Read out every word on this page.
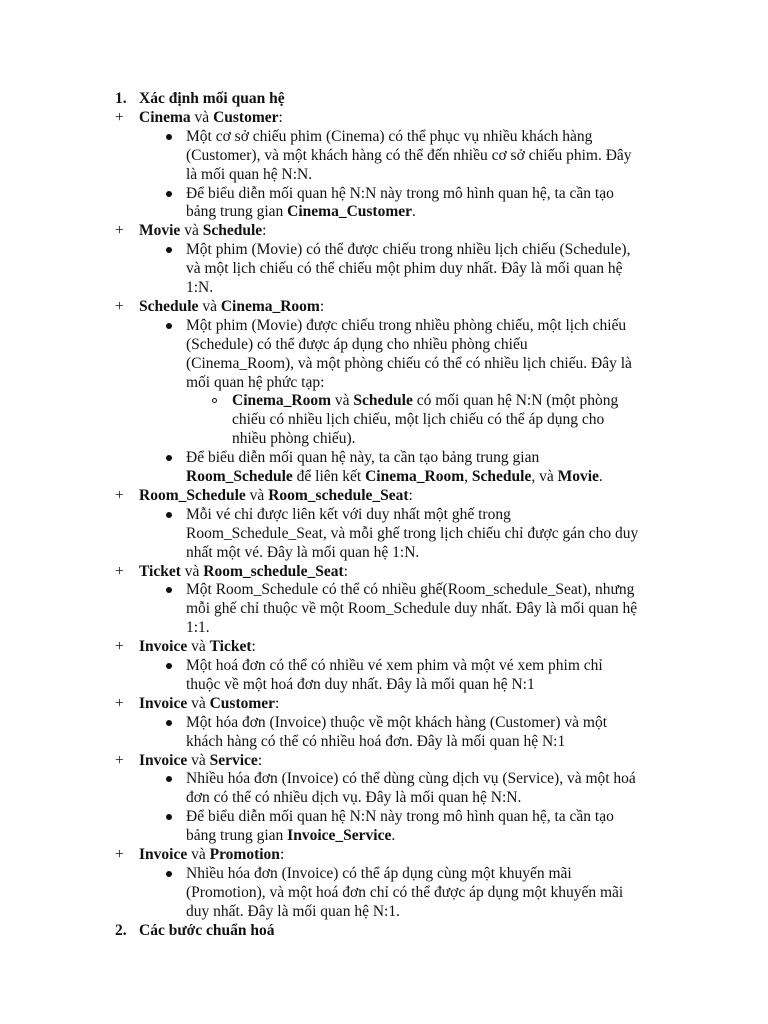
1. Xác định mối quan hệ
+ Cinema và Customer:
Một cơ sở chiếu phim (Cinema) có thể phục vụ nhiều khách hàng
(Customer), và một khách hàng có thể đến nhiều cơ sở chiếu phim. Đây
là mối quan hệ N:N.
Để biểu diễn mối quan hệ N:N này trong mô hình quan hệ, ta cần tạo
bảng trung gian Cinema_Customer.
+ Movie và Schedule:
Một phim (Movie) có thể được chiếu trong nhiều lịch chiếu (Schedule),
và một lịch chiếu có thể chiếu một phim duy nhất. Đây là mối quan hệ
1:N.
+ Schedule và Cinema_Room:
Một phim (Movie) được chiếu trong nhiều phòng chiếu, một lịch chiếu
(Schedule) có thể được áp dụng cho nhiều phòng chiếu
(Cinema_Room), và một phòng chiếu có thể có nhiều lịch chiếu. Đây là
mối quan hệ phức tạp:
Cinema_Room và Schedule có mối quan hệ N:N (một phòng
chiếu có nhiều lịch chiếu, một lịch chiếu có thể áp dụng cho
nhiều phòng chiếu).
Để biểu diễn mối quan hệ này, ta cần tạo bảng trung gian
Room_Schedule để liên kết Cinema_Room, Schedule, và Movie.
+ Room_Schedule và Room_schedule_Seat:
Mỗi vé chỉ được liên kết với duy nhất một ghế trong
Room_Schedule_Seat, và mỗi ghế trong lịch chiếu chỉ được gán cho duy
nhất một vé. Đây là mối quan hệ 1:N.
+ Ticket và Room_schedule_Seat:
Một Room_Schedule có thể có nhiều ghế(Room_schedule_Seat), nhưng
mỗi ghế chỉ thuộc về một Room_Schedule duy nhất. Đây là mối quan hệ
1:1.
+ Invoice và Ticket:
Một hoá đơn có thể có nhiều vé xem phim và một vé xem phim chỉ
thuộc về một hoá đơn duy nhất. Đây là mối quan hệ N:1
+ Invoice và Customer:
Một hóa đơn (Invoice) thuộc về một khách hàng (Customer) và một
khách hàng có thể có nhiều hoá đơn. Đây là mối quan hệ N:1
+ Invoice và Service:
Nhiều hóa đơn (Invoice) có thể dùng cùng dịch vụ (Service), và một hoá
đơn có thể có nhiều dịch vụ. Đây là mối quan hệ N:N.
Để biểu diễn mối quan hệ N:N này trong mô hình quan hệ, ta cần tạo
bảng trung gian Invoice_Service.
+ Invoice và Promotion:
Nhiều hóa đơn (Invoice) có thể áp dụng cùng một khuyến mãi
(Promotion), và một hoá đơn chỉ có thể được áp dụng một khuyến mãi
duy nhất. Đây là mối quan hệ N:1.
2. Các bước chuẩn hoá
